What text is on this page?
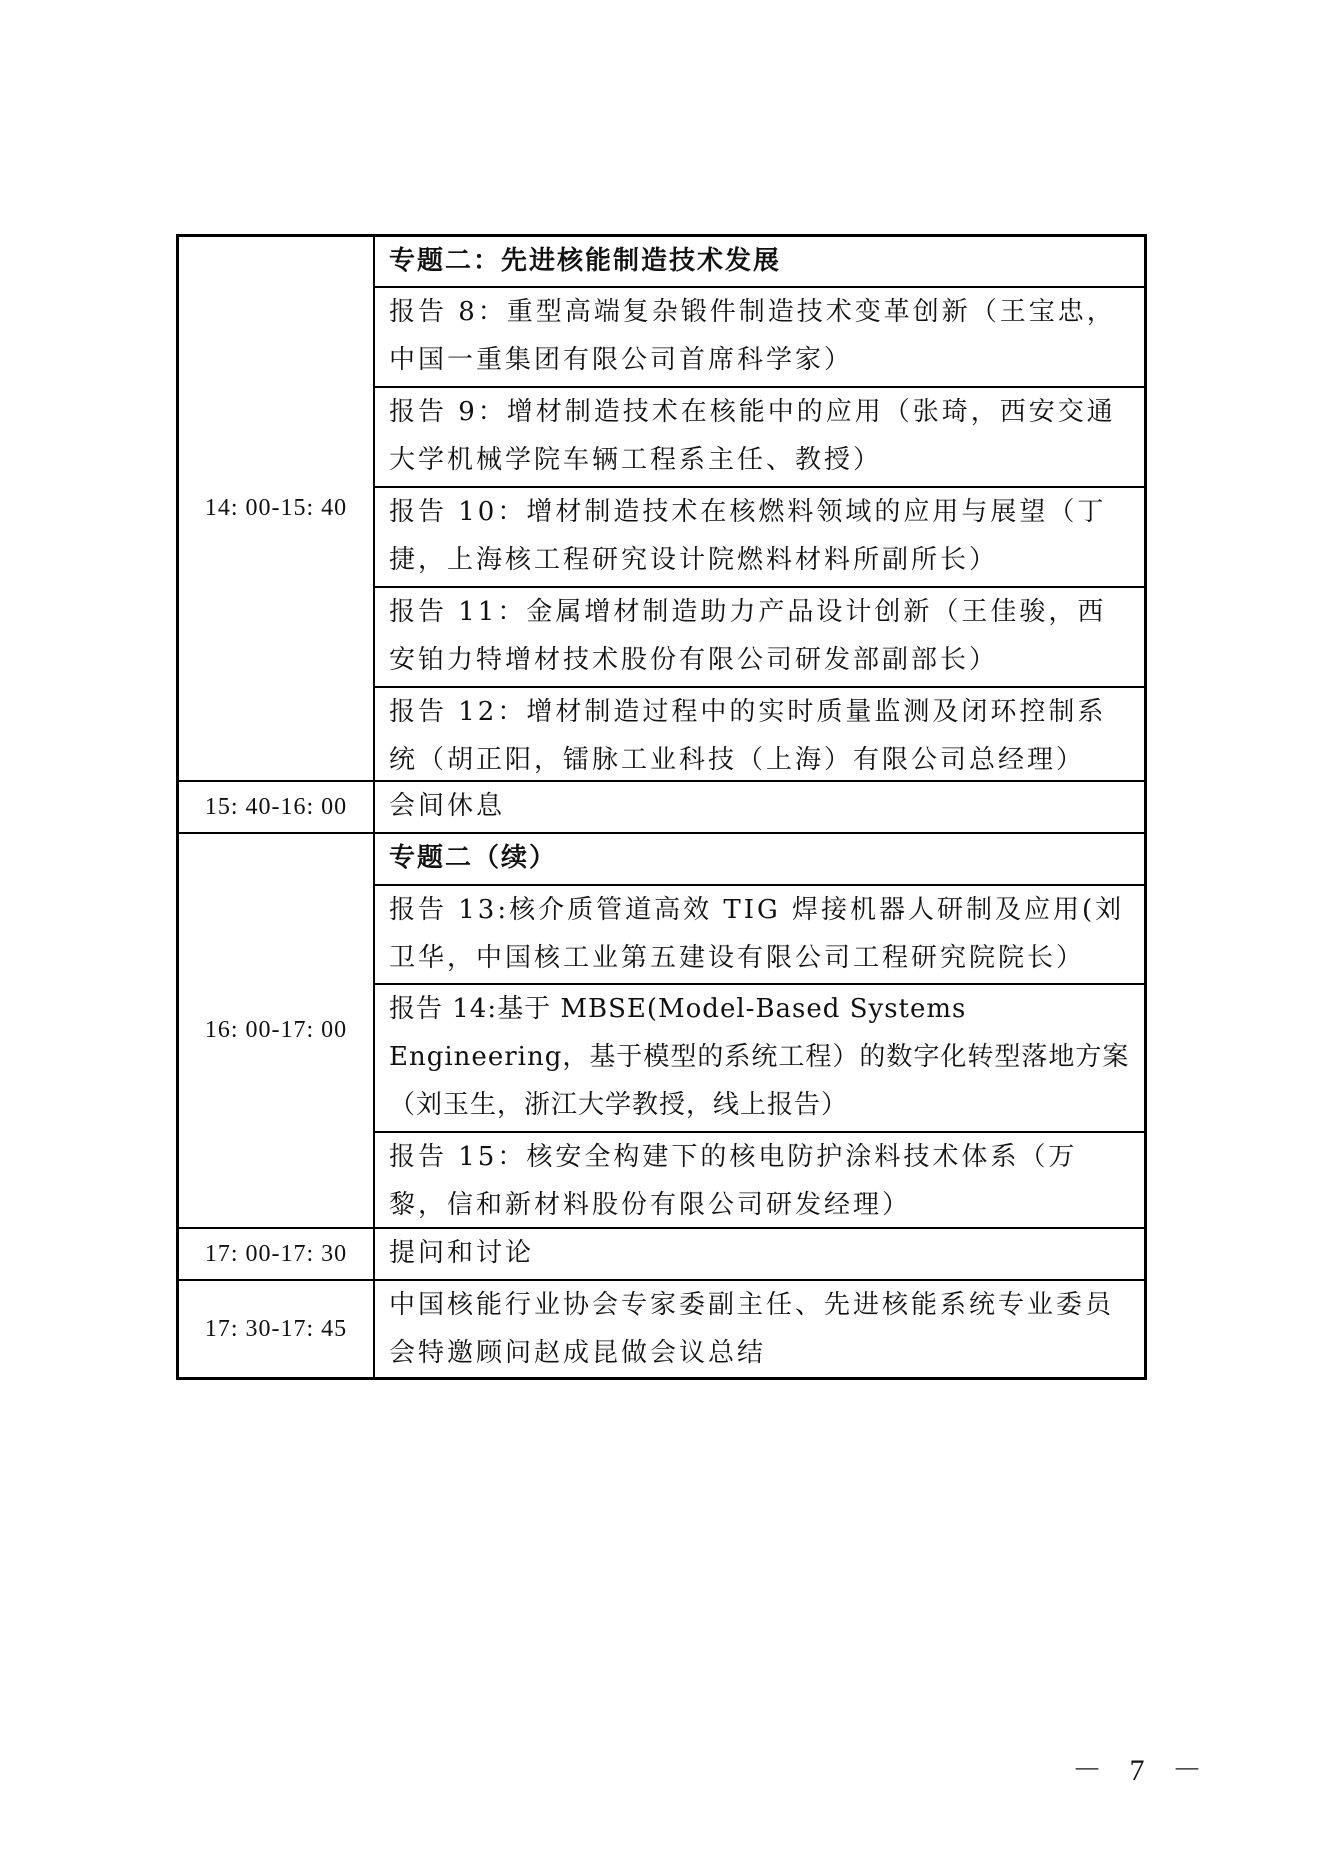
14: 00-15: 40
专题二：先进核能制造技术发展
报告 8：重型高端复杂锻件制造技术变革创新（王宝忠，中国一重集团有限公司首席科学家）
报告 9：增材制造技术在核能中的应用（张琦，西安交通大学机械学院车辆工程系主任、教授）
报告 10：增材制造技术在核燃料领域的应用与展望（丁捷，上海核工程研究设计院燃料材料所副所长）
报告 11：金属增材制造助力产品设计创新（王佳骏，西安铂力特增材技术股份有限公司研发部副部长）
报告 12：增材制造过程中的实时质量监测及闭环控制系统（胡正阳，镭脉工业科技（上海）有限公司总经理）
15: 40-16: 00	会间休息
16: 00-17: 00
专题二（续）
报告 13:核介质管道高效 TIG 焊接机器人研制及应用(刘卫华，中国核工业第五建设有限公司工程研究院院长）
报告 14:基于 MBSE(Model-Based Systems Engineering，基于模型的系统工程）的数字化转型落地方案（刘玉生，浙江大学教授，线上报告）
报告 15：核安全构建下的核电防护涂料技术体系（万黎，信和新材料股份有限公司研发经理）
17: 00-17: 30	提问和讨论
17: 30-17: 45
中国核能行业协会专家委副主任、先进核能系统专业委员会特邀顾问赵成昆做会议总结
－ 7 －
